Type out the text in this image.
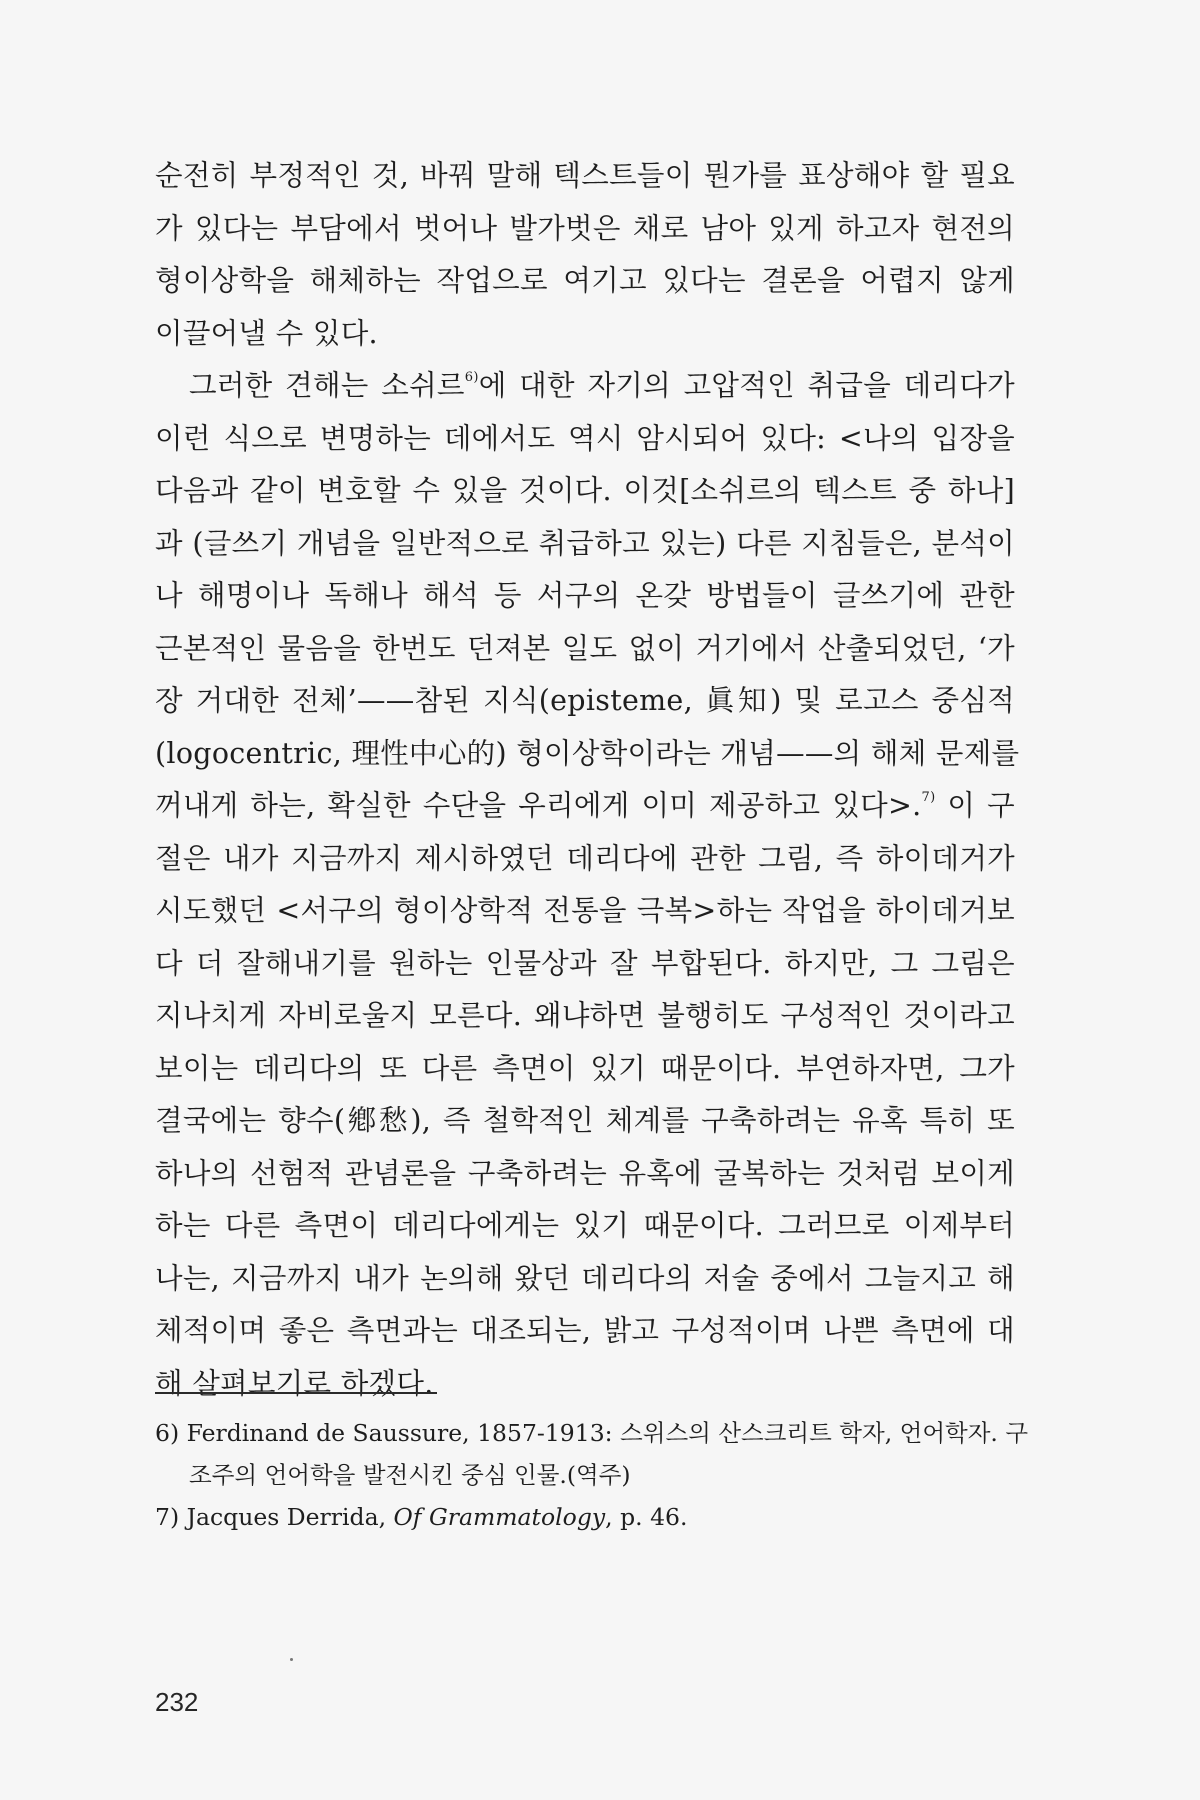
순전히 부정적인 것, 바꿔 말해 텍스트들이 뭔가를 표상해야 할 필요
가 있다는 부담에서 벗어나 발가벗은 채로 남아 있게 하고자 현전의
형이상학을 해체하는 작업으로 여기고 있다는 결론을 어렵지 않게
이끌어낼 수 있다.
그러한 견해는 소쉬르$^{6)}$에 대한 자기의 고압적인 취급을 데리다가
이런 식으로 변명하는 데에서도 역시 암시되어 있다: <나의 입장을
다음과 같이 변호할 수 있을 것이다. 이것[소쉬르의 텍스트 중 하나]
과 (글쓰기 개념을 일반적으로 취급하고 있는) 다른 지침들은, 분석이
나 해명이나 독해나 해석 등 서구의 온갖 방법들이 글쓰기에 관한
근본적인 물음을 한번도 던져본 일도 없이 거기에서 산출되었던, ‘가
장 거대한 전체’——참된 지식(episteme, 眞知) 및 로고스 중심적
(logocentric, 理性中心的) 형이상학이라는 개념——의 해체 문제를
꺼내게 하는, 확실한 수단을 우리에게 이미 제공하고 있다>.$^{7)}$ 이 구
절은 내가 지금까지 제시하였던 데리다에 관한 그림, 즉 하이데거가
시도했던 <서구의 형이상학적 전통을 극복>하는 작업을 하이데거보
다 더 잘해내기를 원하는 인물상과 잘 부합된다. 하지만, 그 그림은
지나치게 자비로울지 모른다. 왜냐하면 불행히도 구성적인 것이라고
보이는 데리다의 또 다른 측면이 있기 때문이다. 부연하자면, 그가
결국에는 향수(鄕愁), 즉 철학적인 체계를 구축하려는 유혹 특히 또
하나의 선험적 관념론을 구축하려는 유혹에 굴복하는 것처럼 보이게
하는 다른 측면이 데리다에게는 있기 때문이다. 그러므로 이제부터
나는, 지금까지 내가 논의해 왔던 데리다의 저술 중에서 그늘지고 해
체적이며 좋은 측면과는 대조되는, 밝고 구성적이며 나쁜 측면에 대
해 살펴보기로 하겠다.
6) Ferdinand de Saussure, 1857-1913: 스위스의 산스크리트 학자, 언어학자. 구
조주의 언어학을 발전시킨 중심 인물.(역주)
7) Jacques Derrida, Of Grammatology, p. 46.
232
